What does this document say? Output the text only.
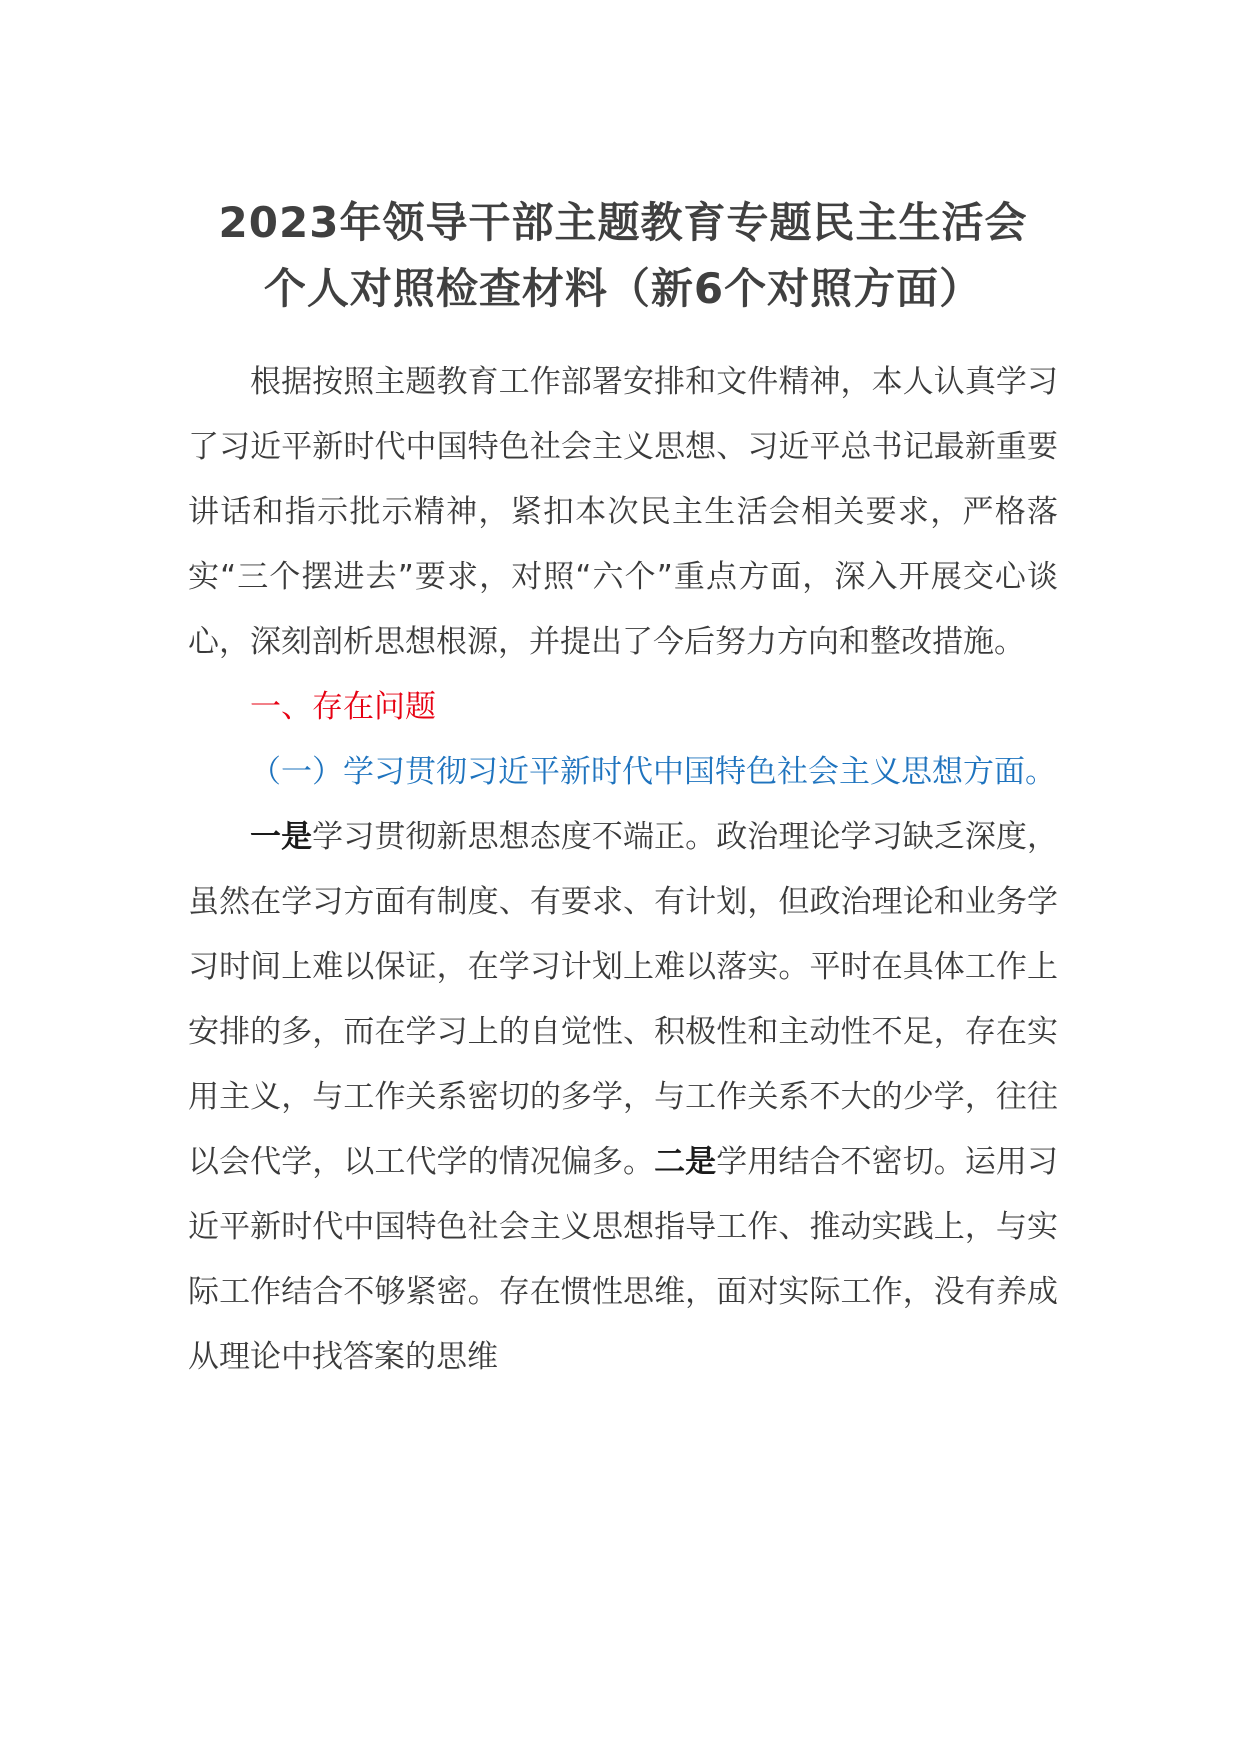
2023年领导干部主题教育专题民主生活会
个人对照检查材料（新6个对照方面）

根据按照主题教育工作部署安排和文件精神，本人认真学习了习近平新时代中国特色社会主义思想、习近平总书记最新重要讲话和指示批示精神，紧扣本次民主生活会相关要求，严格落实“三个摆进去”要求，对照“六个”重点方面，深入开展交心谈心，深刻剖析思想根源，并提出了今后努力方向和整改措施。

一、存在问题

（一）学习贯彻习近平新时代中国特色社会主义思想方面。

一是学习贯彻新思想态度不端正。政治理论学习缺乏深度，虽然在学习方面有制度、有要求、有计划，但政治理论和业务学习时间上难以保证，在学习计划上难以落实。平时在具体工作上安排的多，而在学习上的自觉性、积极性和主动性不足，存在实用主义，与工作关系密切的多学，与工作关系不大的少学，往往以会代学，以工代学的情况偏多。二是学用结合不密切。运用习近平新时代中国特色社会主义思想指导工作、推动实践上，与实际工作结合不够紧密。存在惯性思维，面对实际工作，没有养成从理论中找答案的思维
